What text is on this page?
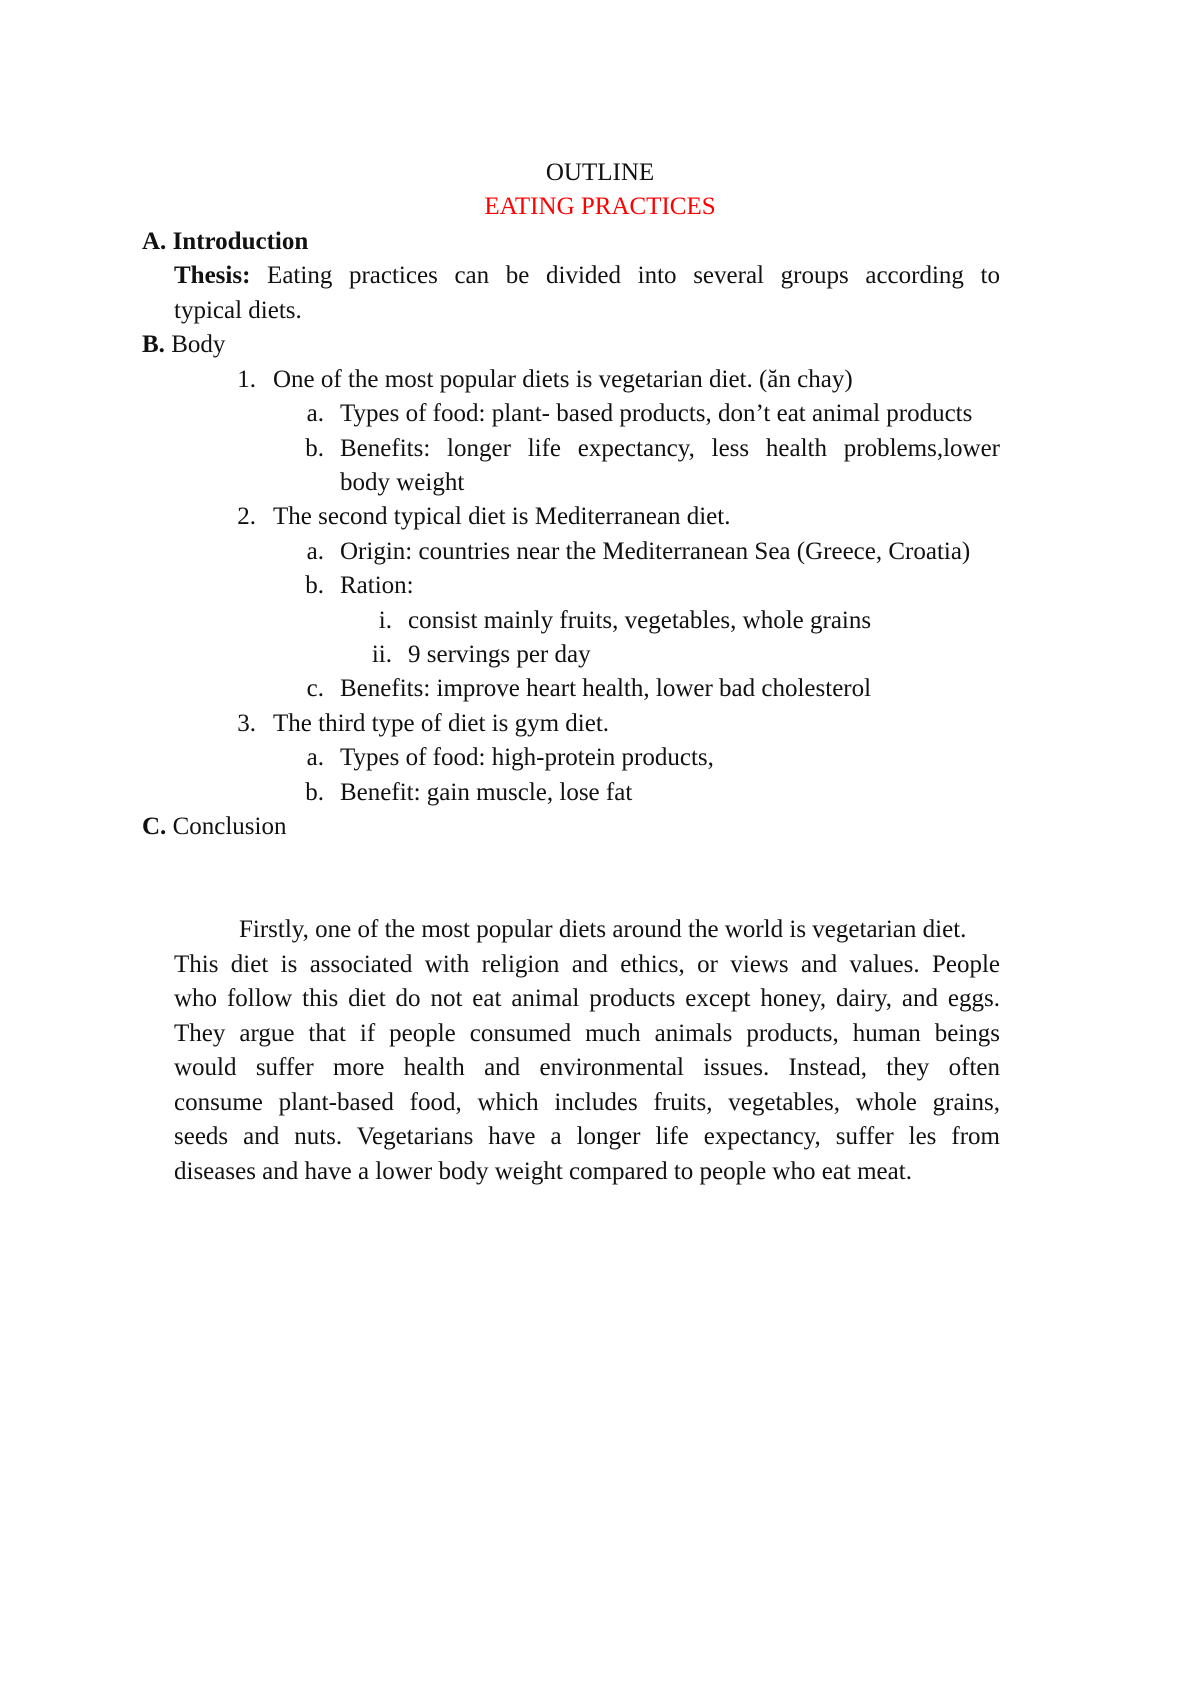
OUTLINE
EATING PRACTICES
A. Introduction
Thesis: Eating practices can be divided into several groups according to
typical diets.
B. Body
1. One of the most popular diets is vegetarian diet. (ăn chay)
a. Types of food: plant- based products, don’t eat animal products
b. Benefits: longer life expectancy, less health problems,lower
body weight
2. The second typical diet is Mediterranean diet.
a. Origin: countries near the Mediterranean Sea (Greece, Croatia)
b. Ration:
i. consist mainly fruits, vegetables, whole grains
ii. 9 servings per day
c. Benefits: improve heart health, lower bad cholesterol
3. The third type of diet is gym diet.
a. Types of food: high-protein products,
b. Benefit: gain muscle, lose fat
C. Conclusion
Firstly, one of the most popular diets around the world is vegetarian diet.
This diet is associated with religion and ethics, or views and values. People
who follow this diet do not eat animal products except honey, dairy, and eggs.
They argue that if people consumed much animals products, human beings
would suffer more health and environmental issues. Instead, they often
consume plant-based food, which includes fruits, vegetables, whole grains,
seeds and nuts. Vegetarians have a longer life expectancy, suffer les from
diseases and have a lower body weight compared to people who eat meat.
